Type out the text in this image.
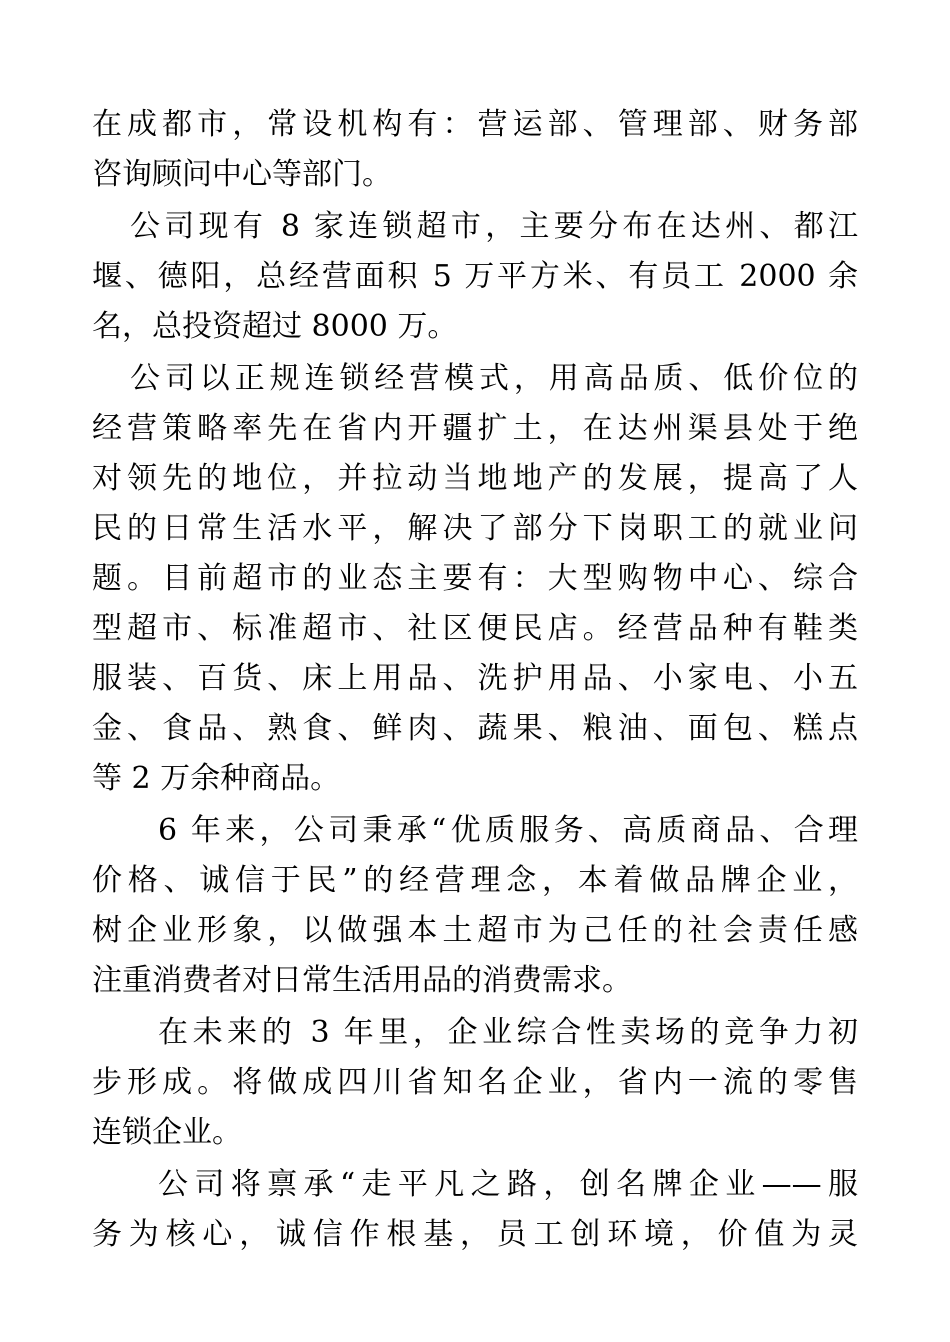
在成都市，常设机构有：营运部、管理部、财务部
咨询顾问中心等部门。
公司现有 8 家连锁超市，主要分布在达州、都江
堰、德阳，总经营面积 5 万平方米、有员工 2000 余
名，总投资超过 8000 万。
公司以正规连锁经营模式，用高品质、低价位的
经营策略率先在省内开疆扩土，在达州渠县处于绝
对领先的地位，并拉动当地地产的发展，提高了人
民的日常生活水平，解决了部分下岗职工的就业问
题。目前超市的业态主要有：大型购物中心、综合
型超市、标准超市、社区便民店。经营品种有鞋类
服装、百货、床上用品、洗护用品、小家电、小五
金、食品、熟食、鲜肉、蔬果、粮油、面包、糕点
等 2 万余种商品。
6 年来，公司秉承“优质服务、高质商品、合理
价格、诚信于民”的经营理念，本着做品牌企业，
树企业形象，以做强本土超市为己任的社会责任感
注重消费者对日常生活用品的消费需求。
在未来的 3 年里，企业综合性卖场的竞争力初
步形成。将做成四川省知名企业，省内一流的零售
连锁企业。
公司将禀承“走平凡之路，创名牌企业——服
务为核心，诚信作根基，员工创环境，价值为灵
